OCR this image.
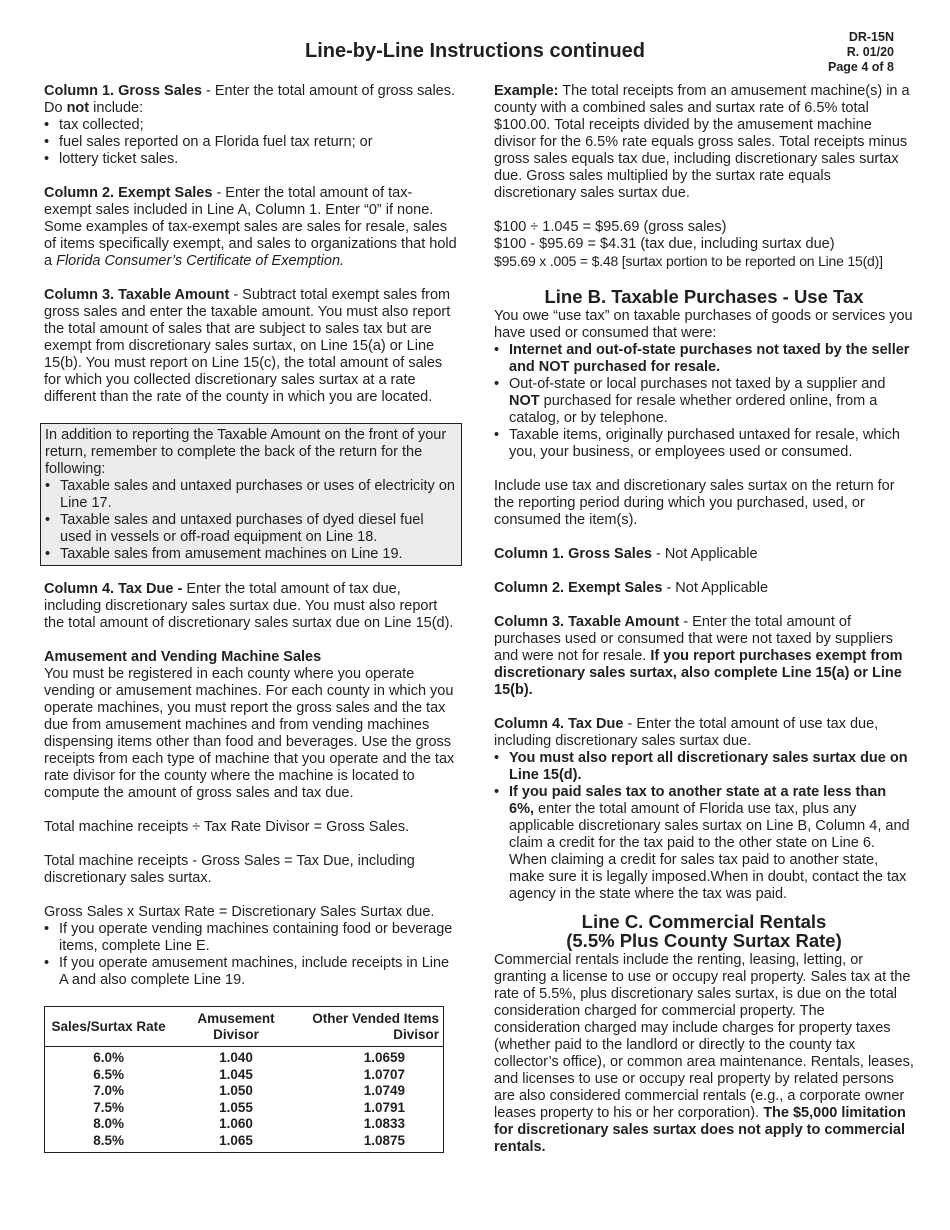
Line-by-Line Instructions continued
DR-15N
R. 01/20
Page 4 of 8

Column 1. Gross Sales - Enter the total amount of gross sales. Do not include:

• tax collected;
• fuel sales reported on a Florida fuel tax return; or
• lottery ticket sales.

Column 2. Exempt Sales - Enter the total amount of tax-exempt sales included in Line A, Column 1. Enter “0” if none. Some examples of tax-exempt sales are sales for resale, sales of items specifically exempt, and sales to organizations that hold a Florida Consumer’s Certificate of Exemption.

Column 3. Taxable Amount - Subtract total exempt sales from gross sales and enter the taxable amount. You must also report the total amount of sales that are subject to sales tax but are exempt from discretionary sales surtax, on Line 15(a) or Line 15(b). You must report on Line 15(c), the total amount of sales for which you collected discretionary sales surtax at a rate different than the rate of the county in which you are located.

In addition to reporting the Taxable Amount on the front of your return, remember to complete the back of the return for the following:

• Taxable sales and untaxed purchases or uses of electricity on Line 17.
• Taxable sales and untaxed purchases of dyed diesel fuel used in vessels or off-road equipment on Line 18.
• Taxable sales from amusement machines on Line 19.

Column 4. Tax Due - Enter the total amount of tax due, including discretionary sales surtax due. You must also report the total amount of discretionary sales surtax due on Line 15(d).

Amusement and Vending Machine Sales

You must be registered in each county where you operate vending or amusement machines. For each county in which you operate machines, you must report the gross sales and the tax due from amusement machines and from vending machines dispensing items other than food and beverages. Use the gross receipts from each type of machine that you operate and the tax rate divisor for the county where the machine is located to compute the amount of gross sales and tax due.

Total machine receipts ÷ Tax Rate Divisor = Gross Sales.

Total machine receipts - Gross Sales = Tax Due, including discretionary sales surtax.

Gross Sales x Surtax Rate = Discretionary Sales Surtax due.

• If you operate vending machines containing food or beverage items, complete Line E.
• If you operate amusement machines, include receipts in Line A and also complete Line 19.
Sales/Surtax Rate	Amusement Divisor	Other Vended Items Divisor
6.0%	1.040	1.0659
6.5%	1.045	1.0707
7.0%	1.050	1.0749
7.5%	1.055	1.0791
8.0%	1.060	1.0833
8.5%	1.065	1.0875

Example: The total receipts from an amusement machine(s) in a county with a combined sales and surtax rate of 6.5% total $100.00. Total receipts divided by the amusement machine divisor for the 6.5% rate equals gross sales. Total receipts minus gross sales equals tax due, including discretionary sales surtax due. Gross sales multiplied by the surtax rate equals discretionary sales surtax due.

$100 ÷ 1.045 = $95.69 (gross sales)

$100 - $95.69 = $4.31 (tax due, including surtax due)

$95.69 x .005 = $.48 [surtax portion to be reported on Line 15(d)]

Line B. Taxable Purchases - Use Tax

You owe “use tax” on taxable purchases of goods or services you have used or consumed that were:

• Internet and out-of-state purchases not taxed by the seller and NOT purchased for resale.
• Out-of-state or local purchases not taxed by a supplier and NOT purchased for resale whether ordered online, from a catalog, or by telephone.
• Taxable items, originally purchased untaxed for resale, which you, your business, or employees used or consumed.

Include use tax and discretionary sales surtax on the return for the reporting period during which you purchased, used, or consumed the item(s).

Column 1. Gross Sales - Not Applicable

Column 2. Exempt Sales - Not Applicable

Column 3. Taxable Amount - Enter the total amount of purchases used or consumed that were not taxed by suppliers and were not for resale. If you report purchases exempt from discretionary sales surtax, also complete Line 15(a) or Line 15(b).

Column 4. Tax Due - Enter the total amount of use tax due, including discretionary sales surtax due.

• You must also report all discretionary sales surtax due on Line 15(d).
• If you paid sales tax to another state at a rate less than 6%, enter the total amount of Florida use tax, plus any applicable discretionary sales surtax on Line B, Column 4, and claim a credit for the tax paid to the other state on Line 6. When claiming a credit for sales tax paid to another state, make sure it is legally imposed.When in doubt, contact the tax agency in the state where the tax was paid.
Line C. Commercial Rentals
(5.5% Plus County Surtax Rate)

Commercial rentals include the renting, leasing, letting, or granting a license to use or occupy real property. Sales tax at the rate of 5.5%, plus discretionary sales surtax, is due on the total consideration charged for commercial property. The consideration charged may include charges for property taxes (whether paid to the landlord or directly to the county tax collector’s office), or common area maintenance. Rentals, leases, and licenses to use or occupy real property by related persons are also considered commercial rentals (e.g., a corporate owner leases property to his or her corporation). The $5,000 limitation for discretionary sales surtax does not apply to commercial rentals.
